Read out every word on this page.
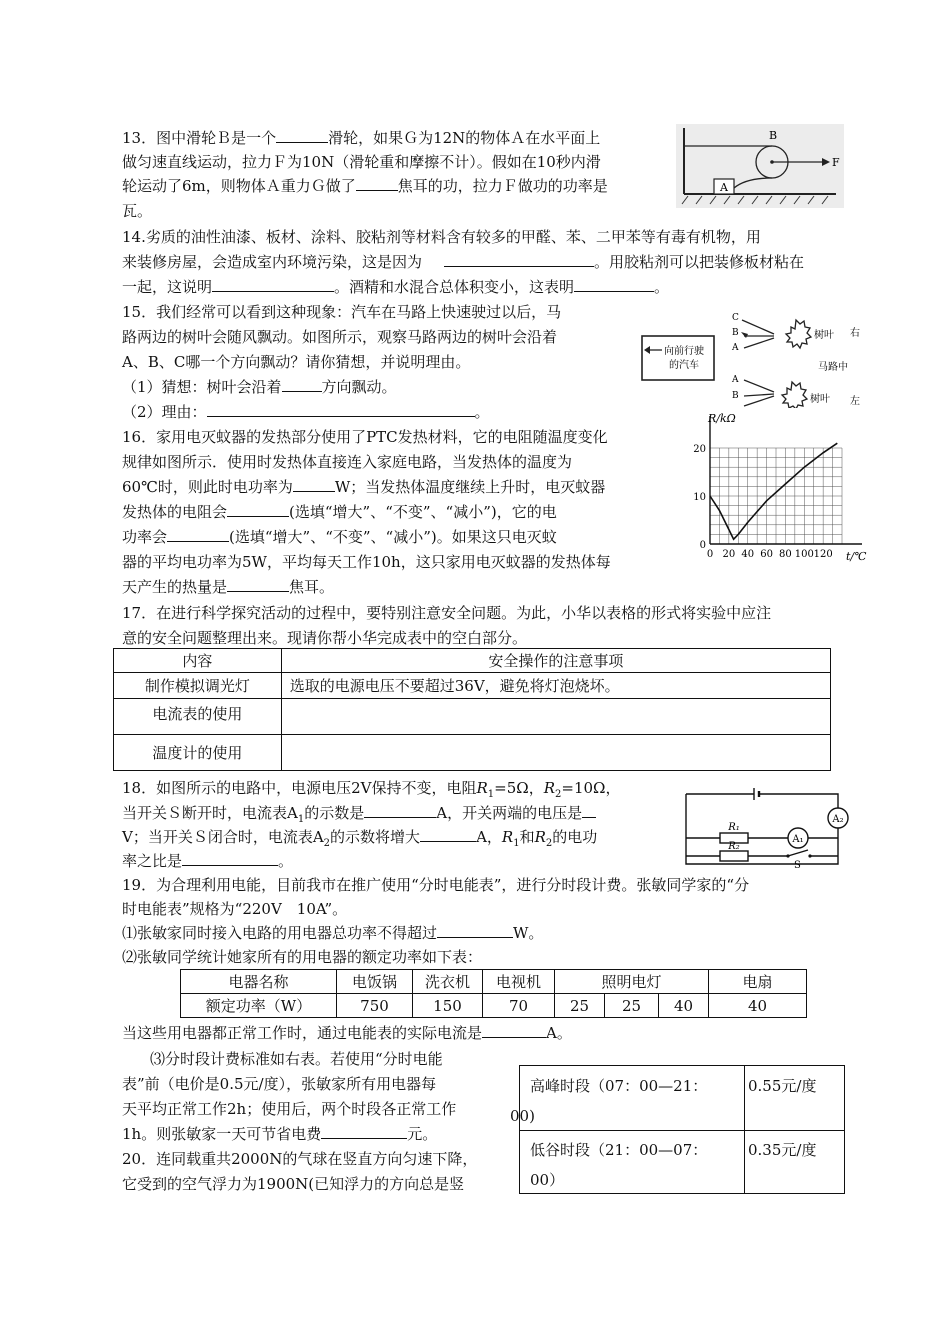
13．图中滑轮Ｂ是一个	滑轮，如果Ｇ为12N的物体Ａ在水平面上
做匀速直线运动，拉力Ｆ为10N（滑轮重和摩擦不计）。假如在10秒内滑
轮运动了6m，则物体Ａ重力Ｇ做了	焦耳的功，拉力Ｆ做功的功率是
瓦。
B
F
A
14.劣质的油性油漆、板材、涂料、胶粘剂等材料含有较多的甲醛、苯、二甲苯等有毒有机物，用
来装修房屋，会造成室内环境污染，这是因为	。用胶粘剂可以把装修板材粘在
一起，这说明	。酒精和水混合总体积变小，这表明	。
15．我们经常可以看到这种现象：汽车在马路上快速驶过以后，马
路两边的树叶会随风飘动。如图所示，观察马路两边的树叶会沿着
A、B、C哪一个方向飘动？请你猜想，并说明理由。
（1）猜想：树叶会沿着	方向飘动。
（2）理由：	。
向前行驶
的汽车
C
B
A
树叶 右
马路中
A
B	树叶 左
16．家用电灭蚊器的发热部分使用了PTC发热材料，它的电阻随温度变化
规律如图所示．使用时发热体直接连入家庭电路，当发热体的温度为
60℃时，则此时电功率为	W；当发热体温度继续上升时，电灭蚊器
发热体的电阻会	(选填“增大”、“不变”、“减小”)，它的电
功率会	(选填“增大”、“不变”、“减小”)。如果这只电灭蚊
器的平均电功率为5W，平均每天工作10h，这只家用电灭蚊器的发热体每
天产生的热量是	焦耳。
0 20 40 60 80 100 120
0
10
20
R/kΩ
t/℃
17．在进行科学探究活动的过程中，要特别注意安全问题。为此，小华以表格的形式将实验中应注
意的安全问题整理出来。现请你帮小华完成表中的空白部分。
内容	安全操作的注意事项
制作模拟调光灯	选取的电源电压不要超过36V，避免将灯泡烧坏。
电流表的使用	
温度计的使用	
18．如图所示的电路中，电源电压2V保持不变，电阻$R_1=5\Omega$，$R_2=10\Omega$，
当开关Ｓ断开时，电流表$A_1$的示数是	A，开关两端的电压是
V；当开关Ｓ闭合时，电流表$A_2$的示数将增大	A，$R_1$和$R_2$的电功
率之比是	。
A₂
A₁
R₁
R₂
S
19．为合理利用电能，目前我市在推广使用“分时电能表”，进行分时段计费。张敏同学家的“分
时电能表”规格为“220V　10A”。
⑴张敏家同时接入电路的用电器总功率不得超过	W。
⑵张敏同学统计她家所有的用电器的额定功率如下表：
电器名称	电饭锅	洗衣机	电视机	照明电灯			电扇
额定功率（W）	750	150	70	25	25	40	40
当这些用电器都正常工作时，通过电能表的实际电流是	A。
⑶分时段计费标准如右表。若使用“分时电能
表”前（电价是0.5元/度），张敏家所有用电器每
天平均正常工作2h；使用后，两个时段各正常工作
1h。则张敏家一天可节省电费	元。
高峰时段（07：00—21：
00)
0.55元/度
低谷时段（21：00—07：
00）
0.35元/度
20．连同载重共2000N的气球在竖直方向匀速下降，
它受到的空气浮力为1900N(已知浮力的方向总是竖
